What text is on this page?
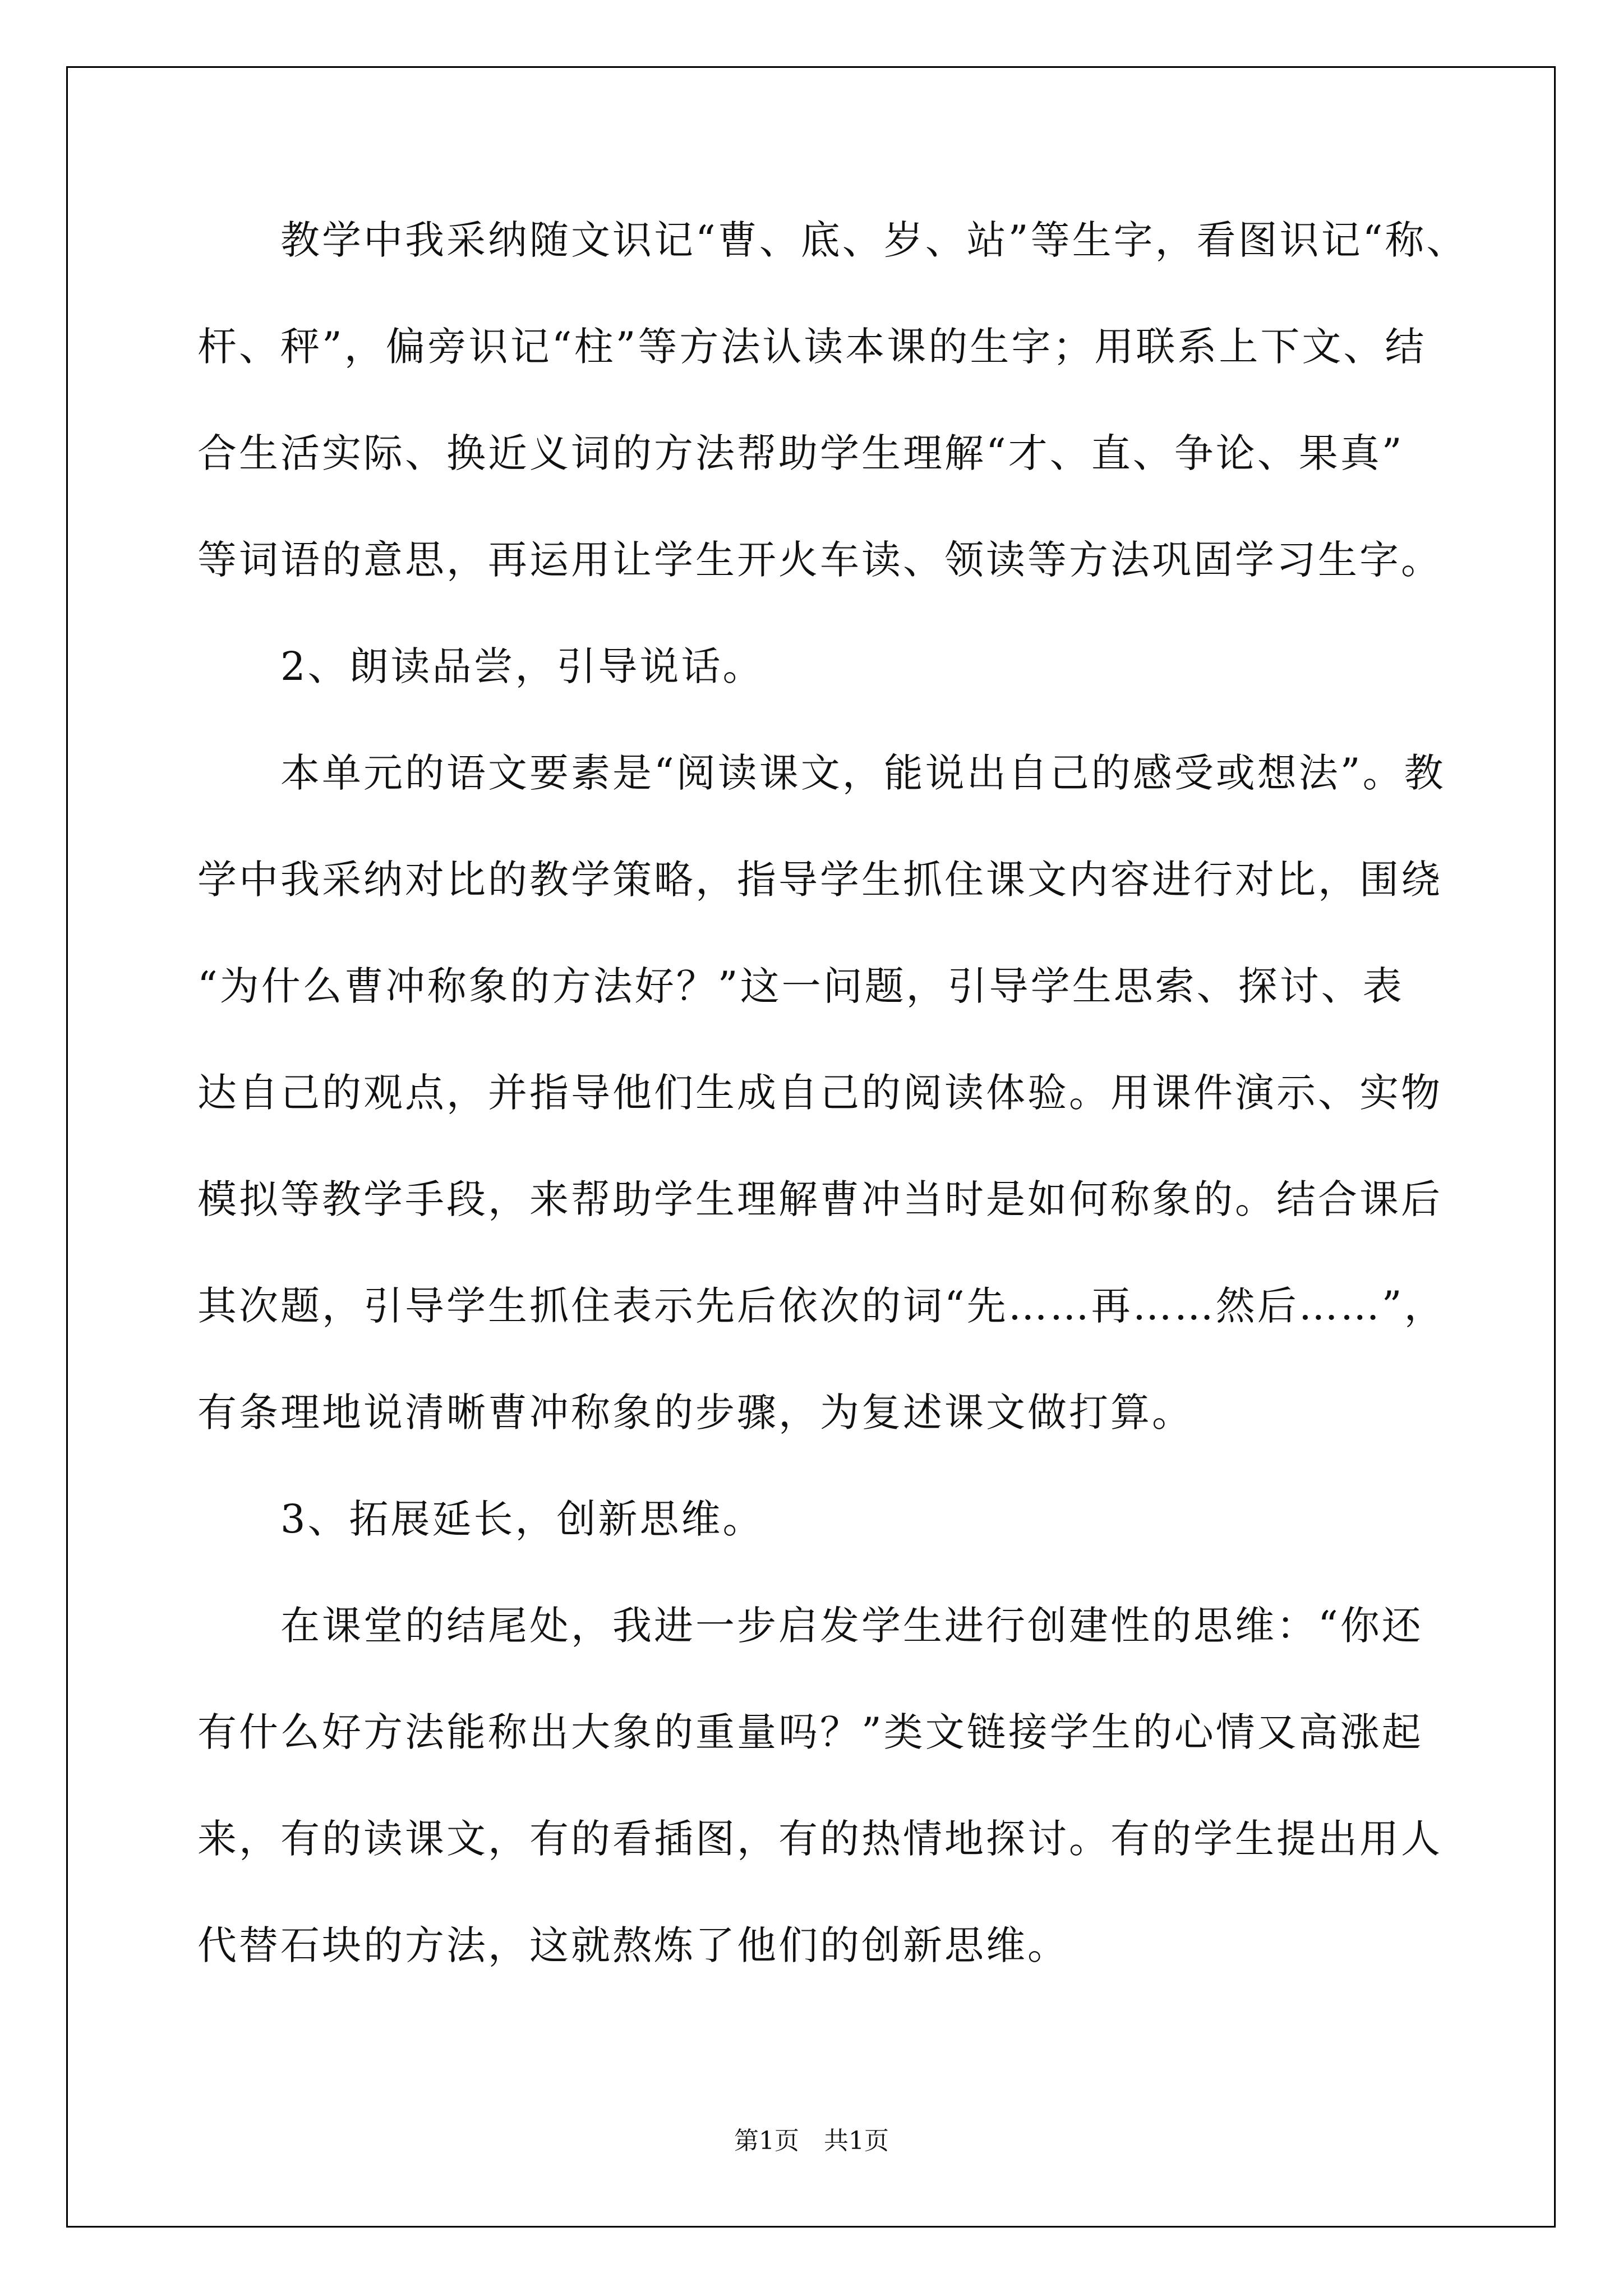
教学中我采纳随文识记“曹、底、岁、站”等生字，看图识记“称、
杆、秤”，偏旁识记“柱”等方法认读本课的生字；用联系上下文、结
合生活实际、换近义词的方法帮助学生理解“才、直、争论、果真”
等词语的意思，再运用让学生开火车读、领读等方法巩固学习生字。
2、朗读品尝，引导说话。
本单元的语文要素是“阅读课文，能说出自己的感受或想法”。教
学中我采纳对比的教学策略，指导学生抓住课文内容进行对比，围绕
“为什么曹冲称象的方法好？”这一问题，引导学生思索、探讨、表
达自己的观点，并指导他们生成自己的阅读体验。用课件演示、实物
模拟等教学手段，来帮助学生理解曹冲当时是如何称象的。结合课后
其次题，引导学生抓住表示先后依次的词“先……再……然后……”，
有条理地说清晰曹冲称象的步骤，为复述课文做打算。
3、拓展延长，创新思维。
在课堂的结尾处，我进一步启发学生进行创建性的思维：“你还
有什么好方法能称出大象的重量吗？”类文链接学生的心情又高涨起
来，有的读课文，有的看插图，有的热情地探讨。有的学生提出用人
代替石块的方法，这就熬炼了他们的创新思维。
第1页　共1页
